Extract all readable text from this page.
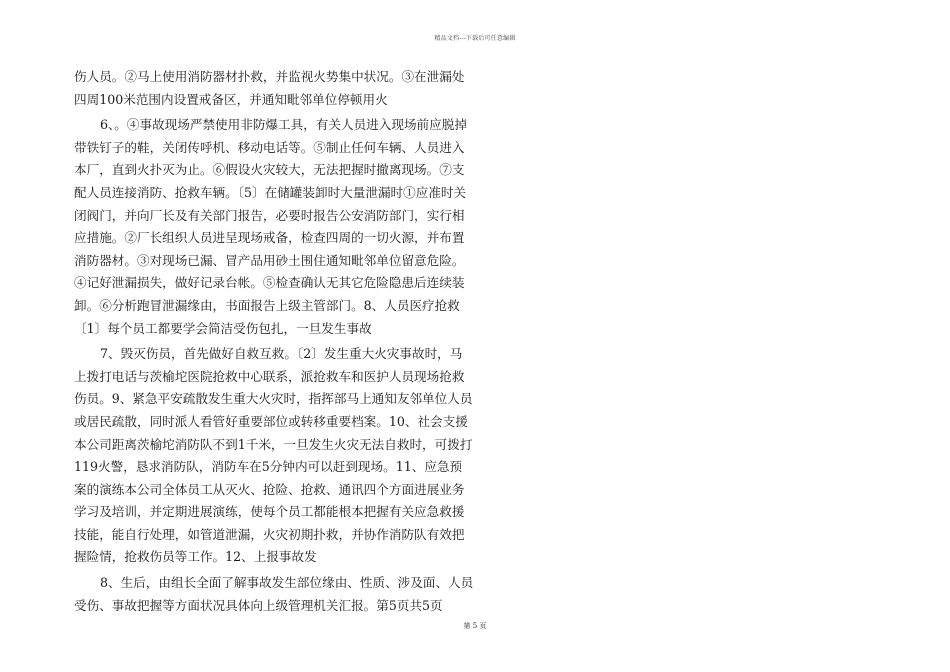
精品文档---下载后可任意编辑

伤人员。②马上使用消防器材扑救，并监视火势集中状况。③在泄漏处四周100米范围内设置戒备区，并通知毗邻单位停顿用火

6、。④事故现场严禁使用非防爆工具，有关人员进入现场前应脱掉带铁钉子的鞋，关闭传呼机、移动电话等。⑤制止任何车辆、人员进入本厂，直到火扑灭为止。⑥假设火灾较大，无法把握时撤离现场。⑦支配人员连接消防、抢救车辆。〔5〕在储罐装卸时大量泄漏时①应准时关闭阀门，并向厂长及有关部门报告，必要时报告公安消防部门，实行相应措施。②厂长组织人员进呈现场戒备，检查四周的一切火源，并布置消防器材。③对现场已漏、冒产品用砂土围住通知毗邻单位留意危险。④记好泄漏损失，做好记录台帐。⑤检查确认无其它危险隐患后连续装卸。⑥分析跑冒泄漏缘由，书面报告上级主管部门。8、人员医疗抢救〔1〕每个员工都要学会简洁受伤包扎，一旦发生事故

7、毁灭伤员，首先做好自救互救。〔2〕发生重大火灾事故时，马上拨打电话与茨榆坨医院抢救中心联系，派抢救车和医护人员现场抢救伤员。9、紧急平安疏散发生重大火灾时，指挥部马上通知友邻单位人员或居民疏散，同时派人看管好重要部位或转移重要档案。10、社会支援本公司距离茨榆坨消防队不到1千米，一旦发生火灾无法自救时，可拨打119火警，恳求消防队，消防车在5分钟内可以赶到现场。11、应急预案的演练本公司全体员工从灭火、抢险、抢救、通讯四个方面进展业务学习及培训，并定期进展演练，使每个员工都能根本把握有关应急救援技能，能自行处理，如管道泄漏，火灾初期扑救，并协作消防队有效把握险情，抢救伤员等工作。12、上报事故发

8、生后，由组长全面了解事故发生部位缘由、性质、涉及面、人员受伤、事故把握等方面状况具体向上级管理机关汇报。第5页共5页

第 5 页
